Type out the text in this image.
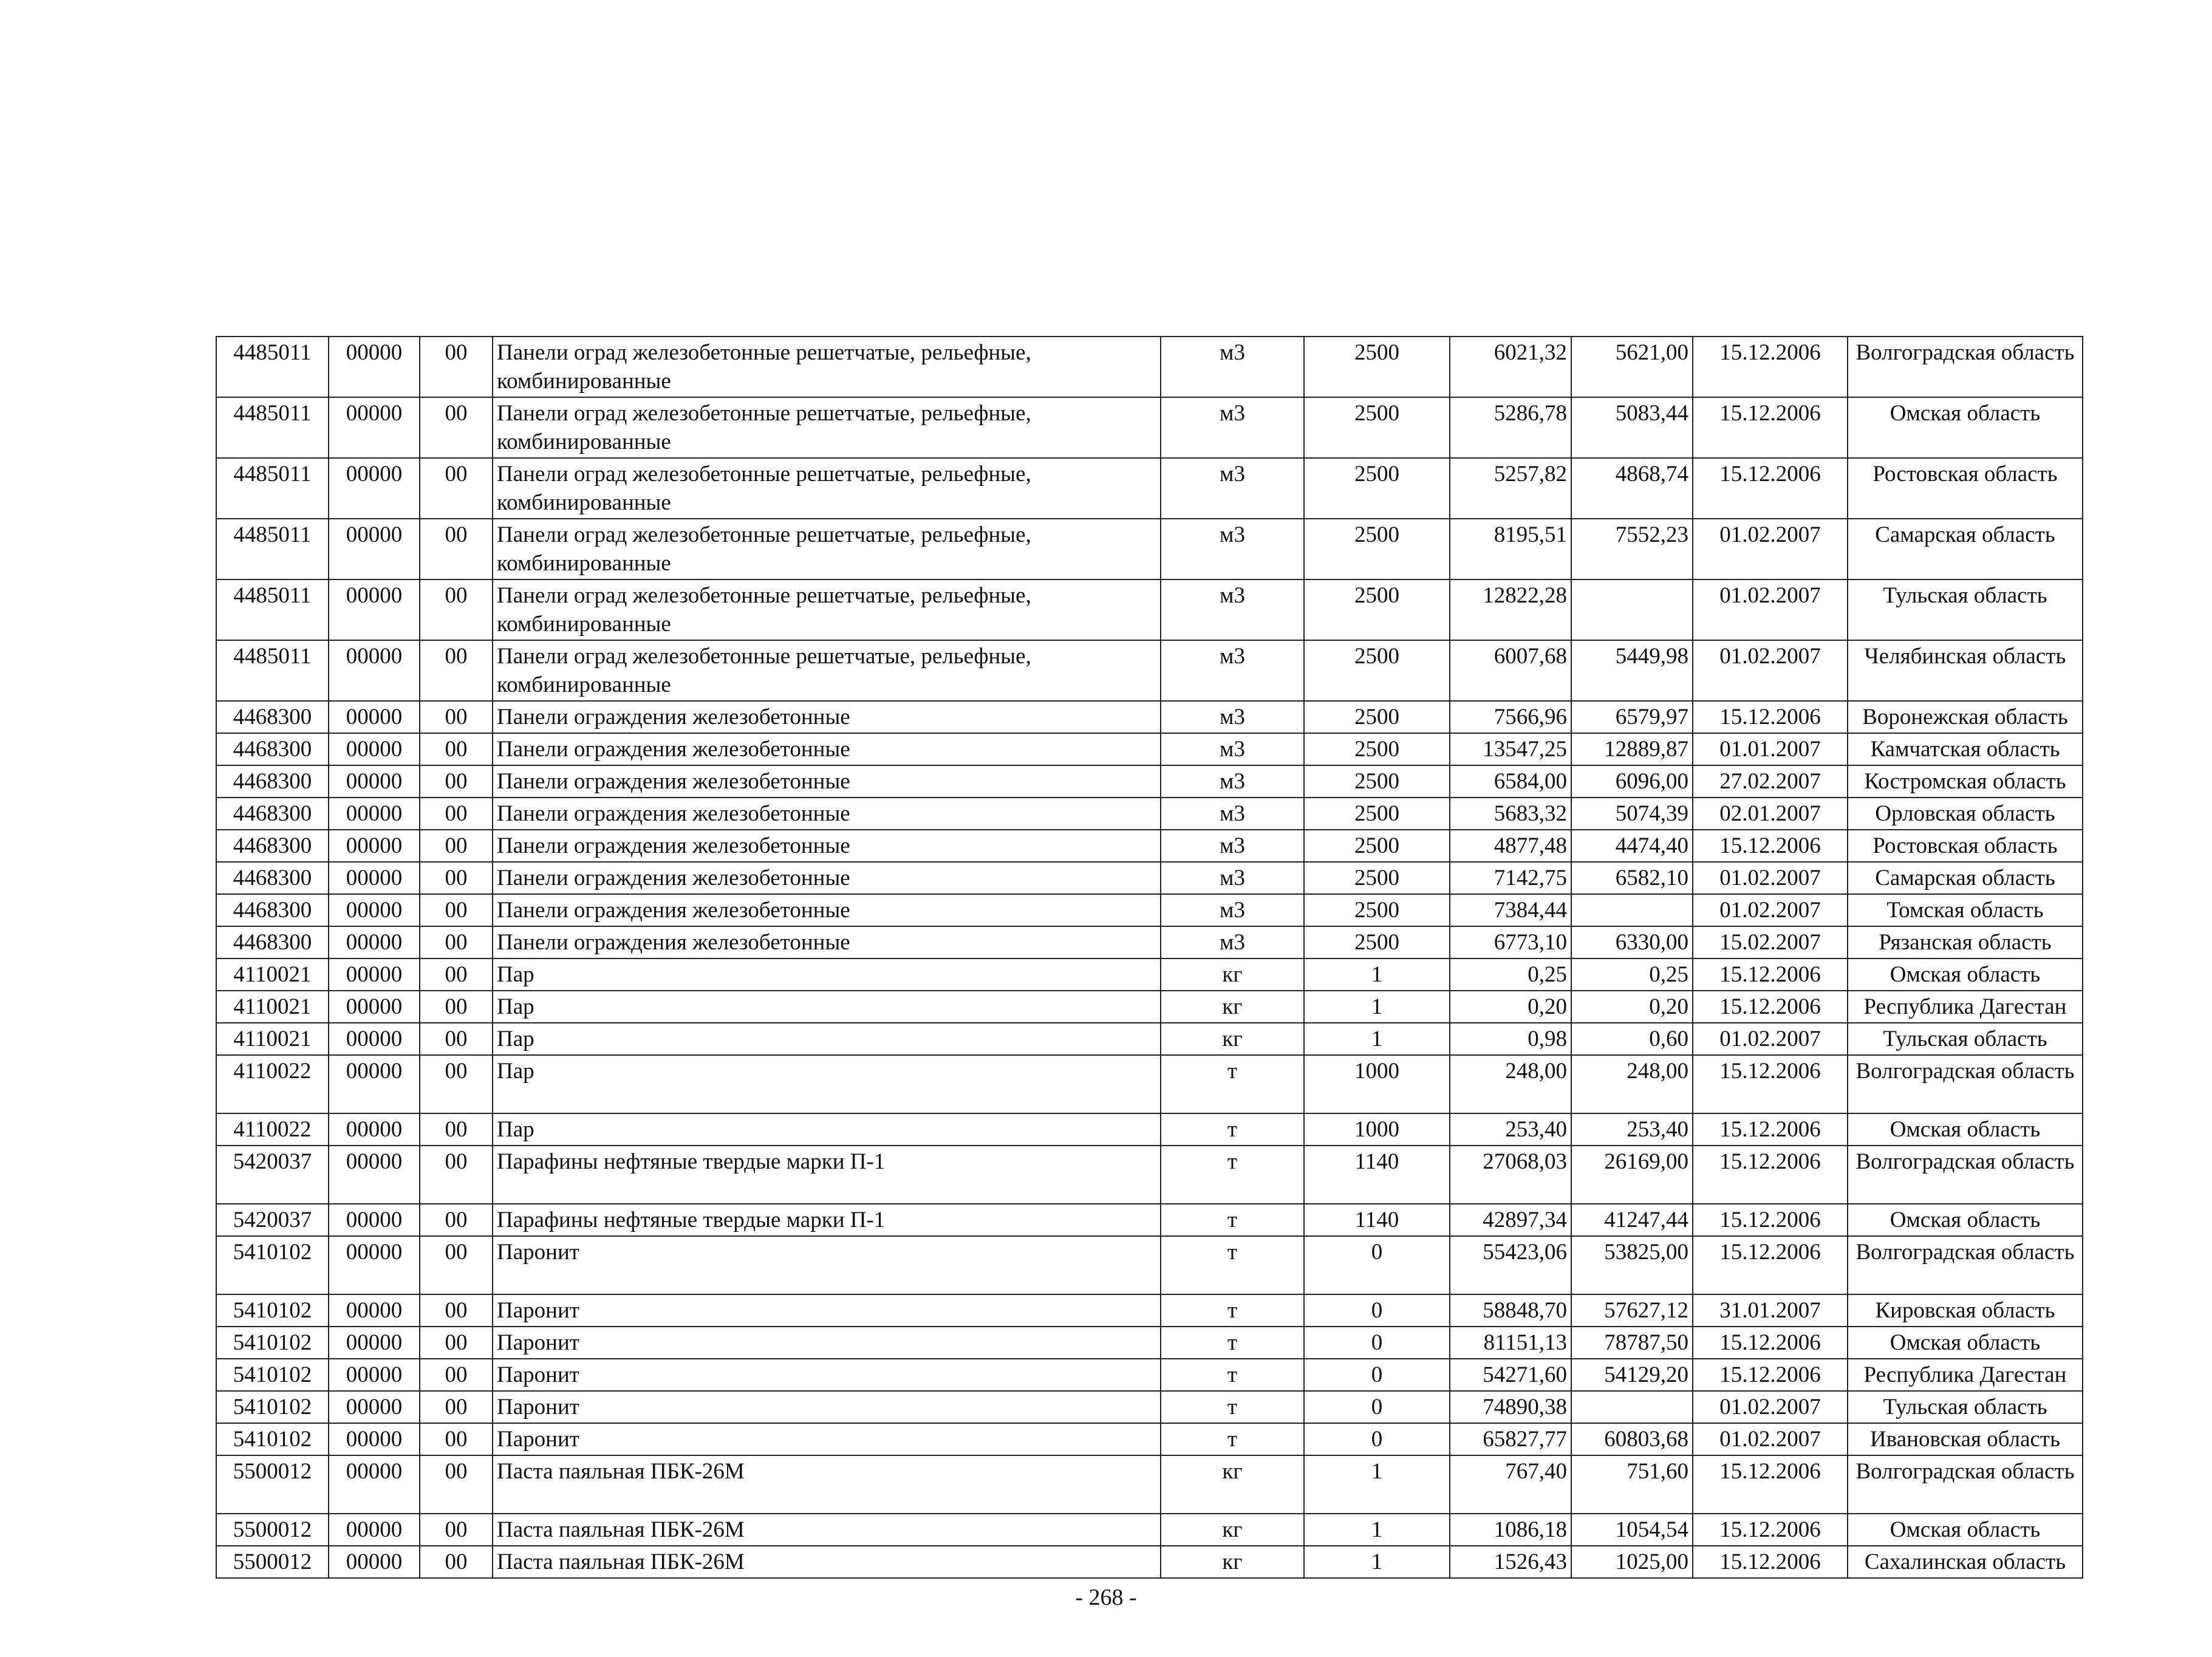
4485011	00000	00	Панели оград железобетонные решетчатые, рельефные, комбинированные	м3	2500	6021,32	5621,00	15.12.2006	Волгоградская область
4485011	00000	00	Панели оград железобетонные решетчатые, рельефные, комбинированные	м3	2500	5286,78	5083,44	15.12.2006	Омская область
4485011	00000	00	Панели оград железобетонные решетчатые, рельефные, комбинированные	м3	2500	5257,82	4868,74	15.12.2006	Ростовская область
4485011	00000	00	Панели оград железобетонные решетчатые, рельефные, комбинированные	м3	2500	8195,51	7552,23	01.02.2007	Самарская область
4485011	00000	00	Панели оград железобетонные решетчатые, рельефные, комбинированные	м3	2500	12822,28		01.02.2007	Тульская область
4485011	00000	00	Панели оград железобетонные решетчатые, рельефные, комбинированные	м3	2500	6007,68	5449,98	01.02.2007	Челябинская область
4468300	00000	00	Панели ограждения железобетонные	м3	2500	7566,96	6579,97	15.12.2006	Воронежская область
4468300	00000	00	Панели ограждения железобетонные	м3	2500	13547,25	12889,87	01.01.2007	Камчатская область
4468300	00000	00	Панели ограждения железобетонные	м3	2500	6584,00	6096,00	27.02.2007	Костромская область
4468300	00000	00	Панели ограждения железобетонные	м3	2500	5683,32	5074,39	02.01.2007	Орловская область
4468300	00000	00	Панели ограждения железобетонные	м3	2500	4877,48	4474,40	15.12.2006	Ростовская область
4468300	00000	00	Панели ограждения железобетонные	м3	2500	7142,75	6582,10	01.02.2007	Самарская область
4468300	00000	00	Панели ограждения железобетонные	м3	2500	7384,44		01.02.2007	Томская область
4468300	00000	00	Панели ограждения железобетонные	м3	2500	6773,10	6330,00	15.02.2007	Рязанская область
4110021	00000	00	Пар	кг	1	0,25	0,25	15.12.2006	Омская область
4110021	00000	00	Пар	кг	1	0,20	0,20	15.12.2006	Республика Дагестан
4110021	00000	00	Пар	кг	1	0,98	0,60	01.02.2007	Тульская область
4110022	00000	00	Пар	т	1000	248,00	248,00	15.12.2006	Волгоградская область
4110022	00000	00	Пар	т	1000	253,40	253,40	15.12.2006	Омская область
5420037	00000	00	Парафины нефтяные твердые марки П-1	т	1140	27068,03	26169,00	15.12.2006	Волгоградская область
5420037	00000	00	Парафины нефтяные твердые марки П-1	т	1140	42897,34	41247,44	15.12.2006	Омская область
5410102	00000	00	Паронит	т	0	55423,06	53825,00	15.12.2006	Волгоградская область
5410102	00000	00	Паронит	т	0	58848,70	57627,12	31.01.2007	Кировская область
5410102	00000	00	Паронит	т	0	81151,13	78787,50	15.12.2006	Омская область
5410102	00000	00	Паронит	т	0	54271,60	54129,20	15.12.2006	Республика Дагестан
5410102	00000	00	Паронит	т	0	74890,38		01.02.2007	Тульская область
5410102	00000	00	Паронит	т	0	65827,77	60803,68	01.02.2007	Ивановская область
5500012	00000	00	Паста паяльная ПБК-26М	кг	1	767,40	751,60	15.12.2006	Волгоградская область
5500012	00000	00	Паста паяльная ПБК-26М	кг	1	1086,18	1054,54	15.12.2006	Омская область
5500012	00000	00	Паста паяльная ПБК-26М	кг	1	1526,43	1025,00	15.12.2006	Сахалинская область
- 268 -
